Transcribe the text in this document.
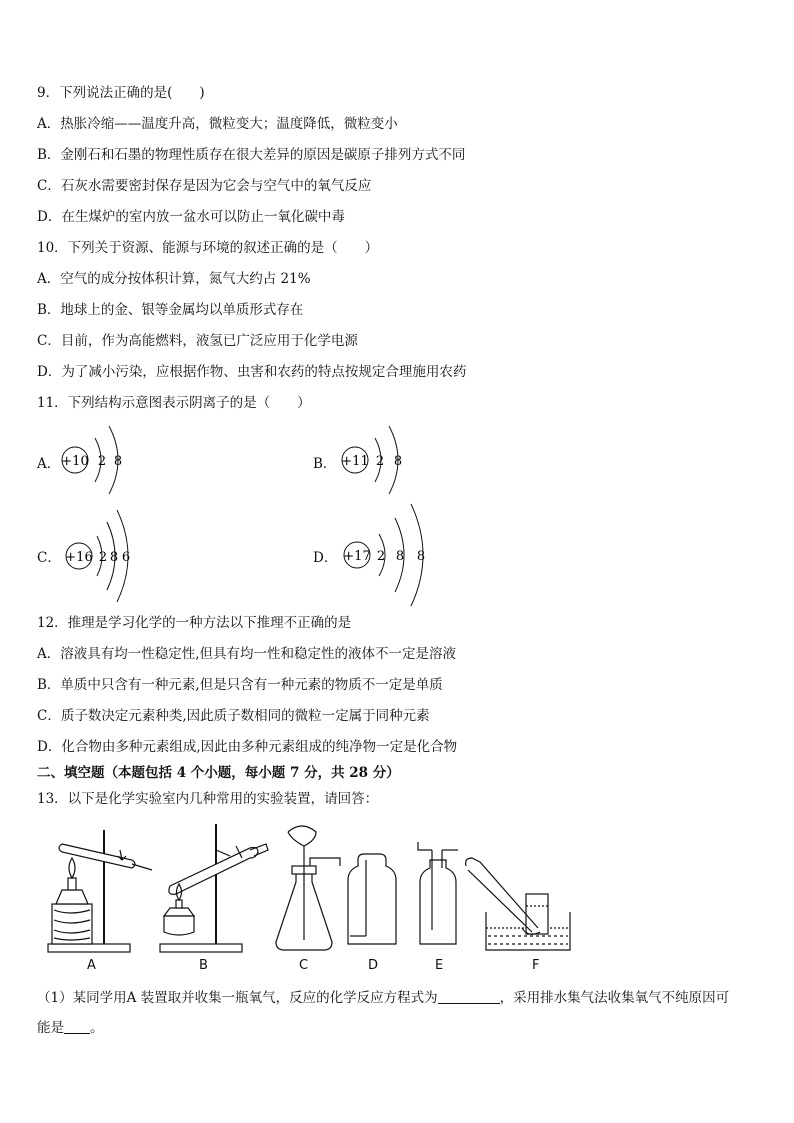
9．下列说法正确的是(　　)
A．热胀冷缩——温度升高，微粒变大；温度降低，微粒变小
B．金刚石和石墨的物理性质存在很大差异的原因是碳原子排列方式不同
C．石灰水需要密封保存是因为它会与空气中的氧气反应
D．在生煤炉的室内放一盆水可以防止一氧化碳中毒
10．下列关于资源、能源与环境的叙述正确的是（　　）
A．空气的成分按体积计算，氮气大约占 21%
B．地球上的金、银等金属均以单质形式存在
C．目前，作为高能燃料，液氢已广泛应用于化学电源
D．为了减小污染，应根据作物、虫害和农药的特点按规定合理施用农药
11．下列结构示意图表示阴离子的是（　　）
A． +10 2 8	B． +11 2 8
C． +16 2 8 6	D． +17 2 8 8
12．推理是学习化学的一种方法以下推理不正确的是
A．溶液具有均一性稳定性,但具有均一性和稳定性的液体不一定是溶液
B．单质中只含有一种元素,但是只含有一种元素的物质不一定是单质
C．质子数决定元素种类,因此质子数相同的微粒一定属于同种元素
D．化合物由多种元素组成,因此由多种元素组成的纯净物一定是化合物
二、填空题（本题包括 4 个小题，每小题 7 分，共 28 分）
13．以下是化学实验室内几种常用的实验装置，请回答：
A	B	C	D	E	F
（1）某同学用A 装置取并收集一瓶氧气，反应的化学反应方程式为	，采用排水集气法收集氧气不纯原因可
能是 。
